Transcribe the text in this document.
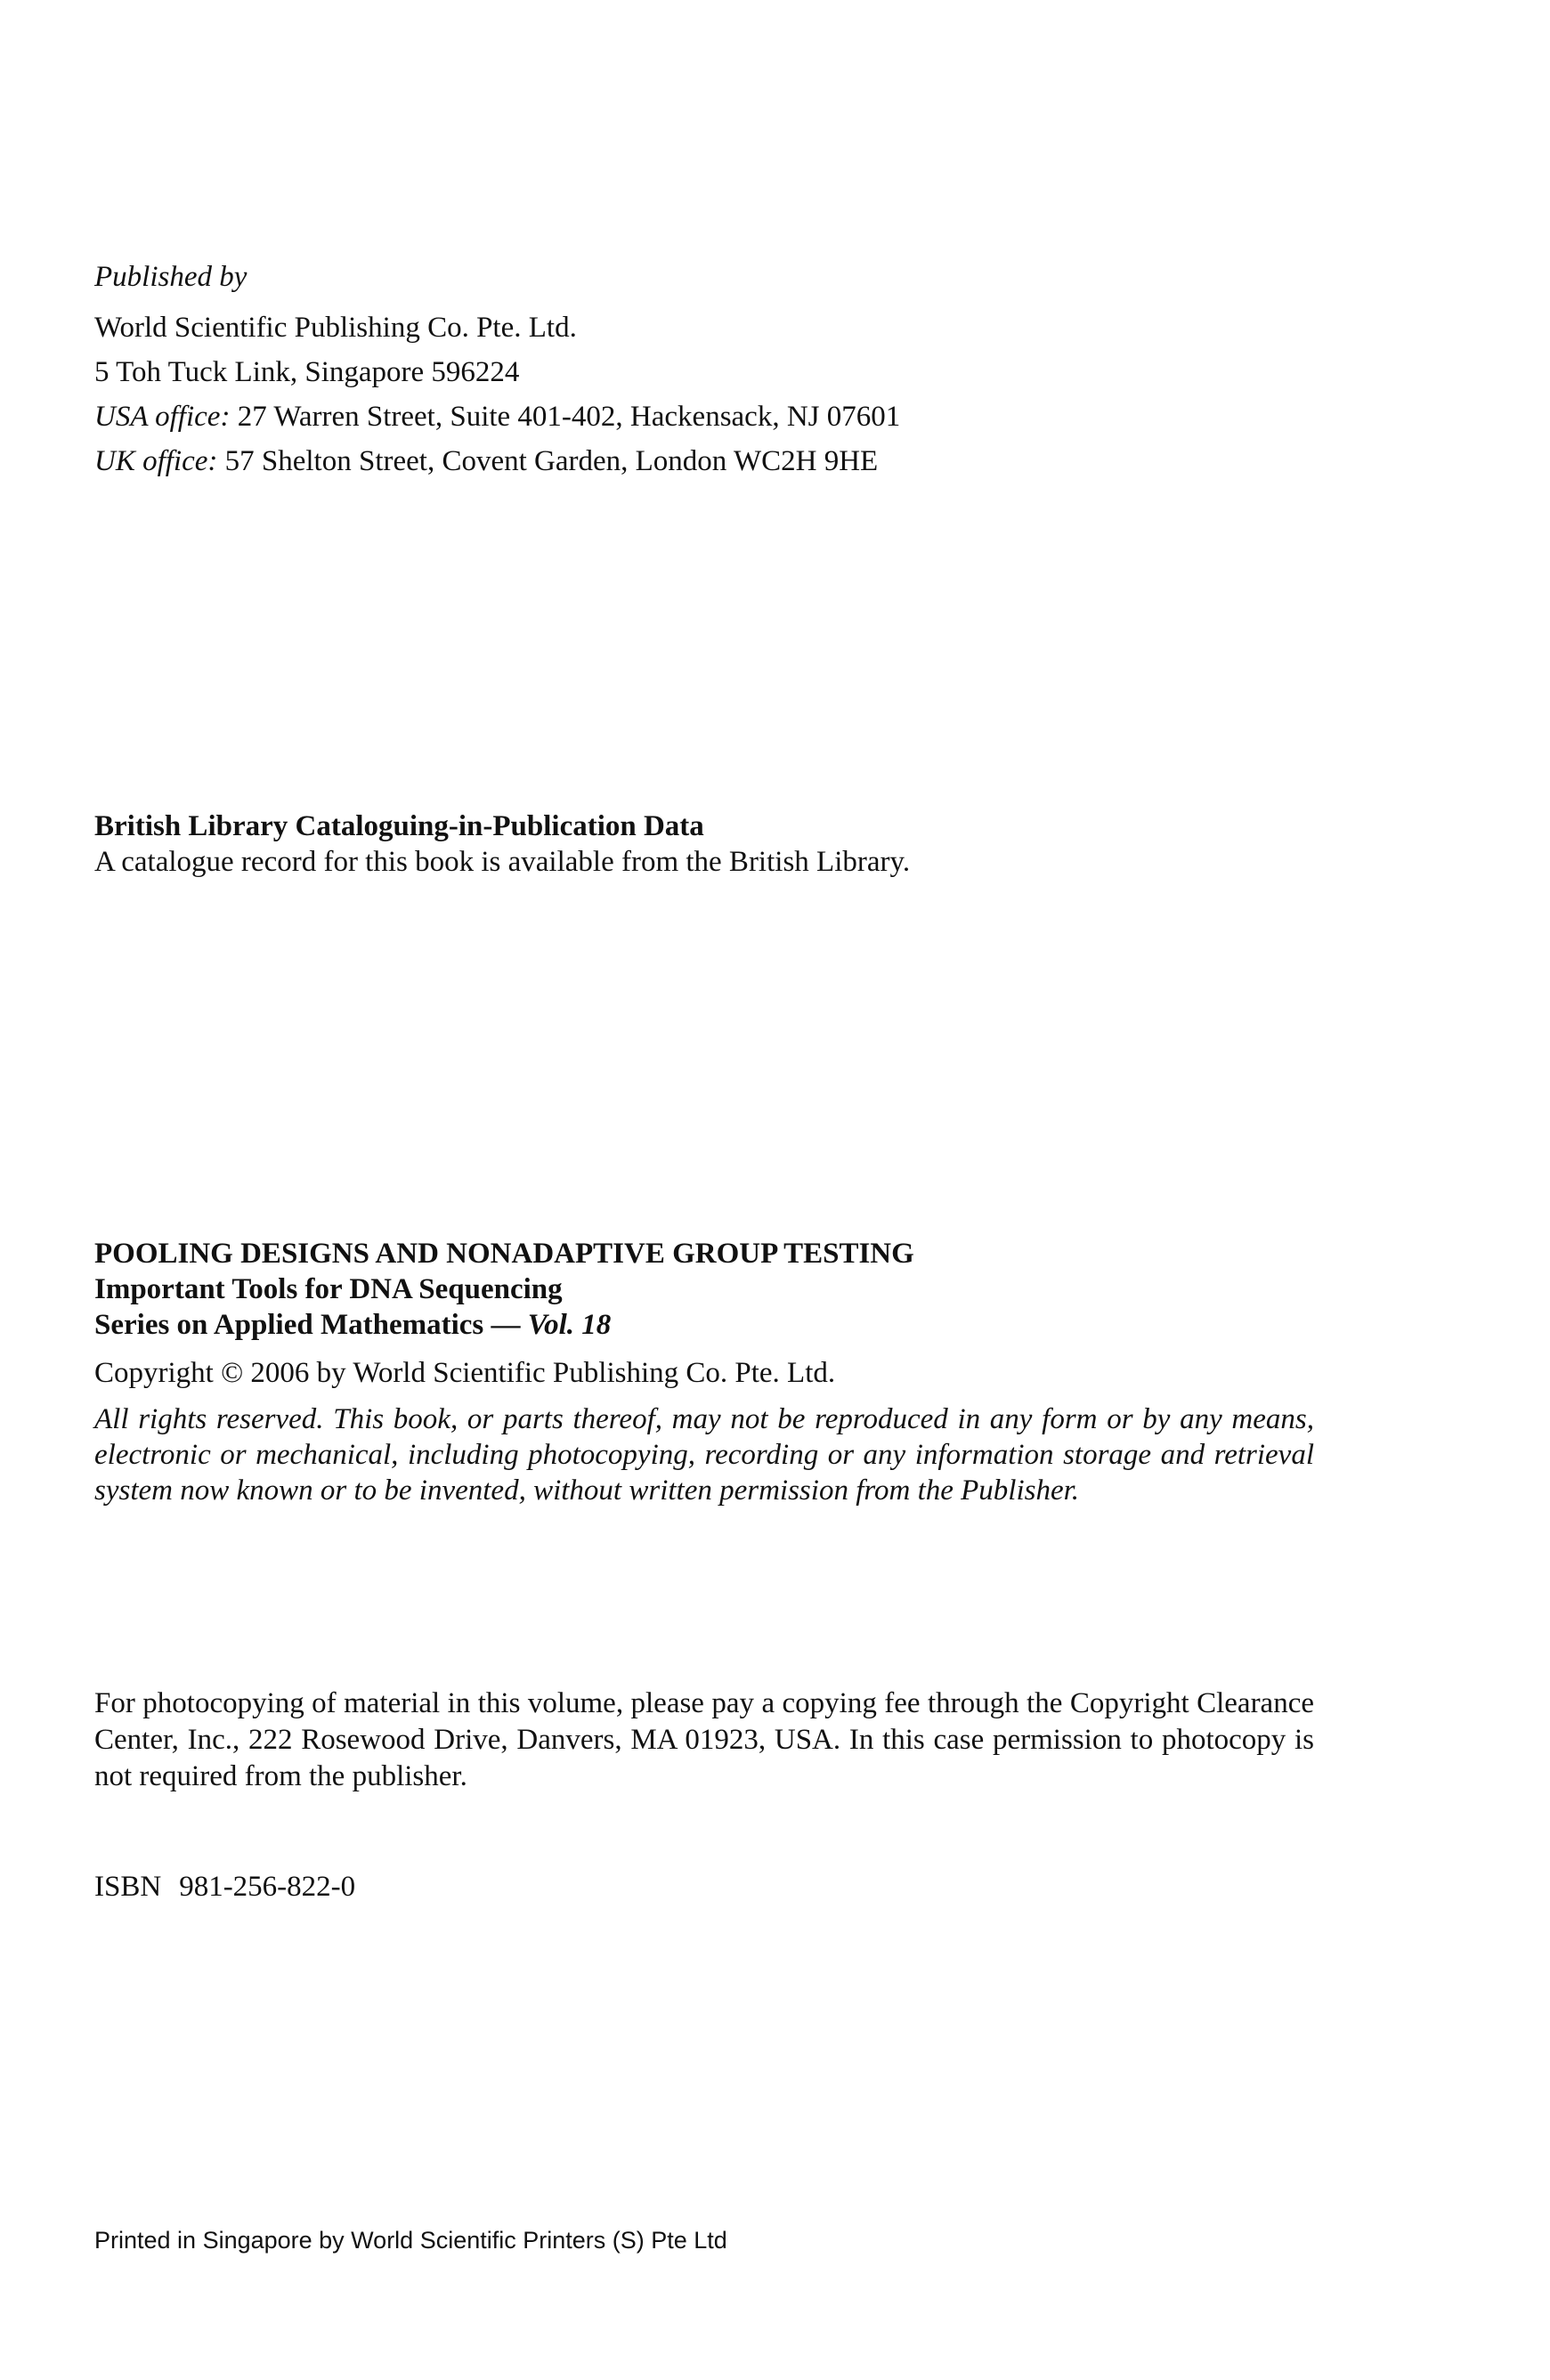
Published by
World Scientific Publishing Co. Pte. Ltd.
5 Toh Tuck Link, Singapore 596224
USA office: 27 Warren Street, Suite 401-402, Hackensack, NJ 07601
UK office: 57 Shelton Street, Covent Garden, London WC2H 9HE
British Library Cataloguing-in-Publication Data
A catalogue record for this book is available from the British Library.
POOLING DESIGNS AND NONADAPTIVE GROUP TESTING
Important Tools for DNA Sequencing
Series on Applied Mathematics — Vol. 18
Copyright © 2006 by World Scientific Publishing Co. Pte. Ltd.
All rights reserved. This book, or parts thereof, may not be reproduced in any form or by any means, electronic or mechanical, including photocopying, recording or any information storage and retrieval system now known or to be invented, without written permission from the Publisher.

For photocopying of material in this volume, please pay a copying fee through the Copyright Clearance Center, Inc., 222 Rosewood Drive, Danvers, MA 01923, USA. In this case permission to photocopy is not required from the publisher.

ISBN 981-256-822-0
Printed in Singapore by World Scientific Printers (S) Pte Ltd
